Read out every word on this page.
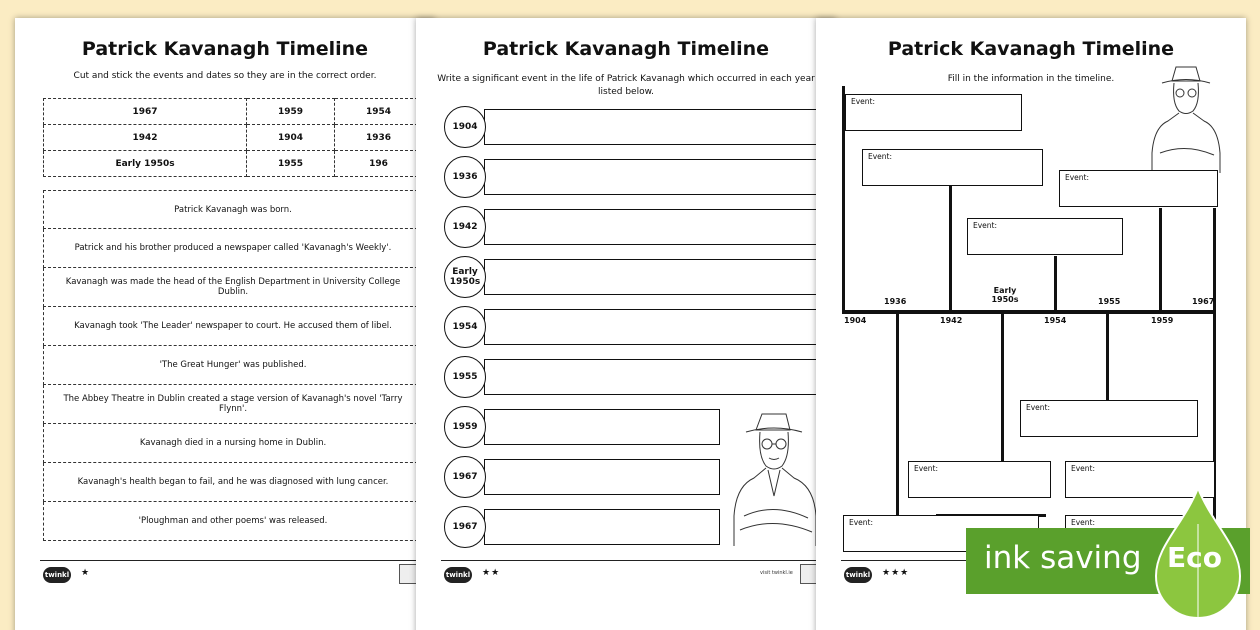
Patrick Kavanagh Timeline
Cut and stick the events and dates so they are in the correct order.
1967	1959	1954
1942	1904	1936
Early 1950s	1955	196
Patrick Kavanagh was born.
Patrick and his brother produced a newspaper called 'Kavanagh's Weekly'.
Kavanagh was made the head of the English Department in University College Dublin.
Kavanagh took 'The Leader' newspaper to court. He accused them of libel.
'The Great Hunger' was published.
The Abbey Theatre in Dublin created a stage version of Kavanagh's novel 'Tarry Flynn'.
Kavanagh died in a nursing home in Dublin.
Kavanagh's health began to fail, and he was diagnosed with lung cancer.
'Ploughman and other poems' was released.
twinkl ★
Patrick Kavanagh Timeline
Write a significant event in the life of Patrick Kavanagh which occurred in each year listed below.
1904
1936
1942
Early 1950s
1954
1955
1959
1967
1967
twinkl ★★	visit twinkl.ie
Patrick Kavanagh Timeline
Fill in the information in the timeline.
Event:
Event:
Event:
Event:
Event:
Event:	Event:
Event:	Event:
1936
Early 1950s	1955	1967
1904	1942	1954	1959
twinkl ★★★ ink saving Eco
